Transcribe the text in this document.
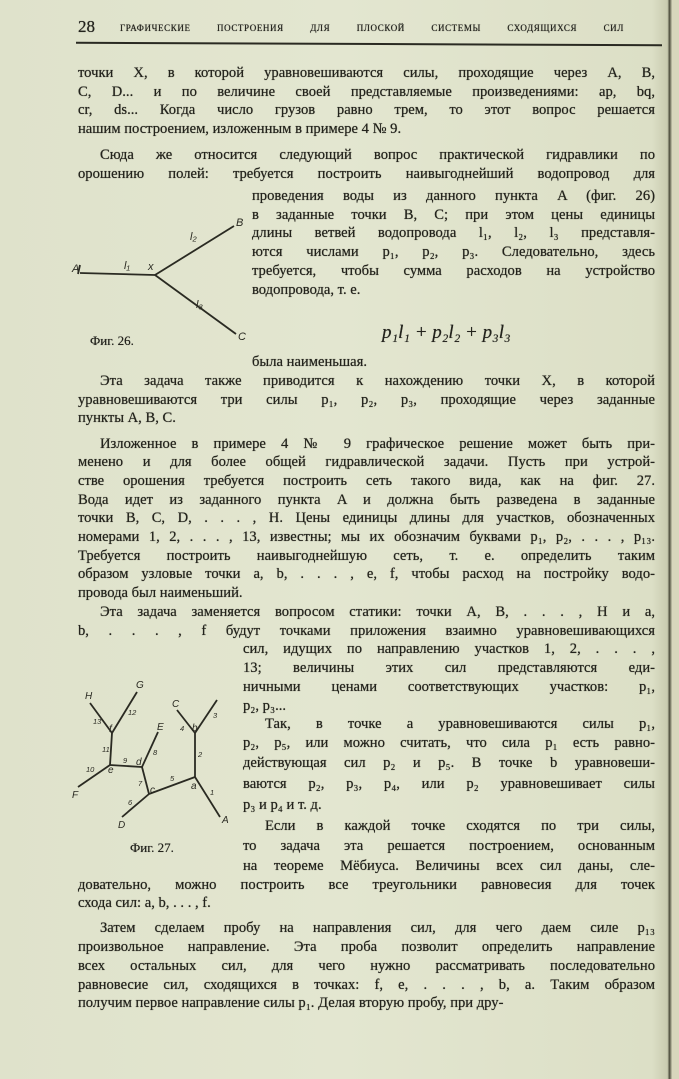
28 графические построения для плоской системы сходящихся сил
точки X, в которой уравновешиваются силы, проходящие через A, B,
C, D... и по величине своей представляемые произведениями: ap, bq,
cr, ds... Когда число грузов равно трем, то этот вопрос решается
нашим построением, изложенным в примере 4 № 9.
Сюда же относится следующий вопрос практической гидравлики по
орошению полей: требуется построить наивыгоднейший водопровод для
проведения воды из данного пункта A (фиг. 26)
в заданные точки B, C; при этом цены единицы
длины ветвей водопровода l₁, l₂, l₃ представля-
ются числами p₁, p₂, p₃. Следовательно, здесь
требуется, чтобы сумма расходов на устройство
водопровода, т. е.
была наименьшая.
Эта задача также приводится к нахождению точки X, в которой
уравновешиваются три силы p₁, p₂, p₃, проходящие через заданные
пункты A, B, C.
Изложенное в примере 4 № 9 графическое решение может быть при-
менено и для более общей гидравлической задачи. Пусть при устрой-
стве орошения требуется построить сеть такого вида, как на фиг. 27.
Вода идет из заданного пункта A и должна быть разведена в заданные
точки B, C, D, . . . , H. Цены единицы длины для участков, обозначенных
номерами 1, 2, . . . , 13, известны; мы их обозначим буквами p₁, p₂, . . . , p₁₃.
Требуется построить наивыгоднейшую сеть, т. е. определить таким
образом узловые точки a, b, . . . , e, f, чтобы расход на постройку водо-
провода был наименьший.
Эта задача заменяется вопросом статики: точки A, B, . . . , H и a,
b, . . . , f будут точками приложения взаимно уравновешивающихся
сил, идущих по направлению участков 1, 2, . . . ,
13; величины этих сил представляются еди-
ничными ценами соответствующих участков: p₁,
p₂, p₃...
Так, в точке a уравновешиваются силы p₁,
p₂, p₅, или можно считать, что сила p₁ есть равно-
действующая сил p₂ и p₅. В точке b уравновеши-
ваются p₂, p₃, p₄, или p₂ уравновешивает силы
p₃ и p₄ и т. д.
Если в каждой точке сходятся по три силы,
то задача эта решается построением, основанным
на теореме Мёбиуса. Величины всех сил даны, сле-
довательно, можно построить все треугольники равновесия для точек
схода сил: a, b, . . . , f.
Затем сделаем пробу на направления сил, для чего даем силе p₁₃
произвольное направление. Эта проба позволит определить направление
всех остальных сил, для чего нужно рассматривать последовательно
равновесие сил, сходящихся в точках: f, e, . . . , b, a. Таким образом
получим первое направление силы p₁. Делая вторую пробу, при дру-
p₁l₁ + p₂l₂ + p₃l₃
A	l₁ x
l₂
l₃
B
C
H
G
E
C
F
D	A
a
b
c
d
e
f
1
2
3
4
5
6
7
8
9
10
11
12
13
Фиг. 26.
Фиг. 27.
